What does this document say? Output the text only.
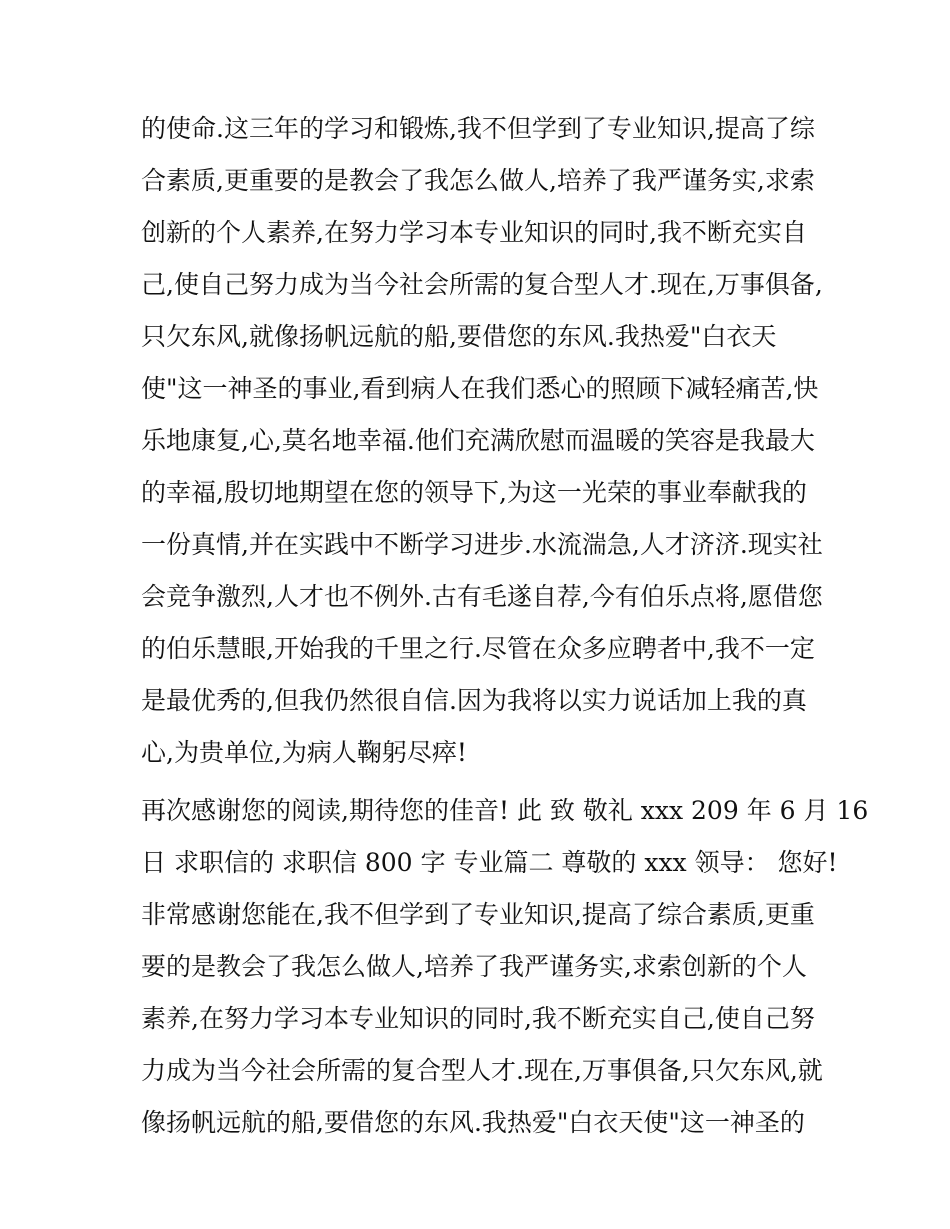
的使命.这三年的学习和锻炼,我不但学到了专业知识,提高了综
合素质,更重要的是教会了我怎么做人,培养了我严谨务实,求索
创新的个人素养,在努力学习本专业知识的同时,我不断充实自
己,使自己努力成为当今社会所需的复合型人才.现在,万事俱备,
只欠东风,就像扬帆远航的船,要借您的东风.我热爱"白衣天
使"这一神圣的事业,看到病人在我们悉心的照顾下减轻痛苦,快
乐地康复,心,莫名地幸福.他们充满欣慰而温暖的笑容是我最大
的幸福,殷切地期望在您的领导下,为这一光荣的事业奉献我的
一份真情,并在实践中不断学习进步.水流湍急,人才济济.现实社
会竞争激烈,人才也不例外.古有毛遂自荐,今有伯乐点将,愿借您
的伯乐慧眼,开始我的千里之行.尽管在众多应聘者中,我不一定
是最优秀的,但我仍然很自信.因为我将以实力说话加上我的真
心,为贵单位,为病人鞠躬尽瘁!
再次感谢您的阅读,期待您的佳音! 此 致 敬礼 xxx 209 年 6 月 16
日 求职信的 求职信 800 字 专业篇二 尊敬的 xxx 领导： 您好!
非常感谢您能在,我不但学到了专业知识,提高了综合素质,更重
要的是教会了我怎么做人,培养了我严谨务实,求索创新的个人
素养,在努力学习本专业知识的同时,我不断充实自己,使自己努
力成为当今社会所需的复合型人才.现在,万事俱备,只欠东风,就
像扬帆远航的船,要借您的东风.我热爱"白衣天使"这一神圣的
